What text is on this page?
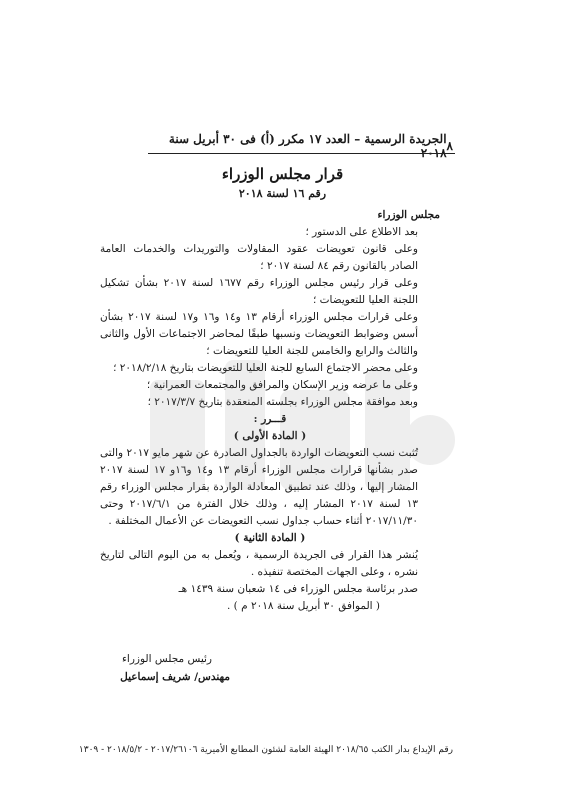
٨
الجريدة الرسمية – العدد ١٧ مكرر (أ) فى ٣٠ أبريل سنة ٢٠١٨
قرار مجلس الوزراء
رقم ١٦ لسنة ٢٠١٨

مجلس الوزراء

بعد الاطلاع على الدستور ؛

وعلى قانون تعويضات عقود المقاولات والتوريدات والخدمات العامة الصادر بالقانون رقم ٨٤ لسنة ٢٠١٧ ؛

وعلى قرار رئيس مجلس الوزراء رقم ١٦٧٧ لسنة ٢٠١٧ بشأن تشكيل اللجنة العليا للتعويضات ؛

وعلى قرارات مجلس الوزراء أرقام ١٣ و١٤ و١٦ و١٧ لسنة ٢٠١٧ بشأن أسس وضوابط التعويضات ونسبها طبقًا لمحاضر الاجتماعات الأول والثانى والثالث والرابع والخامس للجنة العليا للتعويضات ؛

وعلى محضر الاجتماع السابع للجنة العليا للتعويضات بتاريخ ٢٠١٨/٢/١٨ ؛

وعلى ما عرضه وزير الإسكان والمرافق والمجتمعات العمرانية ؛

وبعد موافقة مجلس الوزراء بجلسته المنعقدة بتاريخ ٢٠١٧/٣/٧ ؛

قـــرر :

( المادة الأولى )

تُثبت نسب التعويضات الواردة بالجداول الصادرة عن شهر مايو ٢٠١٧ والتى صدر بشأنها قرارات مجلس الوزراء أرقام ١٣ و١٤ و١٦و ١٧ لسنة ٢٠١٧ المشار إليها ، وذلك عند تطبيق المعادلة الواردة بقرار مجلس الوزراء رقم ١٣ لسنة ٢٠١٧ المشار إليه ، وذلك خلال الفترة من ٢٠١٧/٦/١ وحتى ٢٠١٧/١١/٣٠ أثناء حساب جداول نسب التعويضات عن الأعمال المختلفة .

( المادة الثانية )

يُنشر هذا القرار فى الجريدة الرسمية ، ويُعمل به من اليوم التالى لتاريخ نشره ، وعلى الجهات المختصة تنفيذه .

صدر برئاسة مجلس الوزراء فى ١٤ شعبان سنة ١٤٣٩ هـ

( الموافق ٣٠ أبريل سنة ٢٠١٨ م ) .

رئيس مجلس الوزراء
مهندس/ شريف إسماعيل
رقم الإيداع بدار الكتب ٢٠١٨/٦٥ الهيئة العامة لشئون المطابع الأميرية ٢٠١٧/٢٦١٠٦ - ٢٠١٨/٥/٢ - ١٣٠٩
